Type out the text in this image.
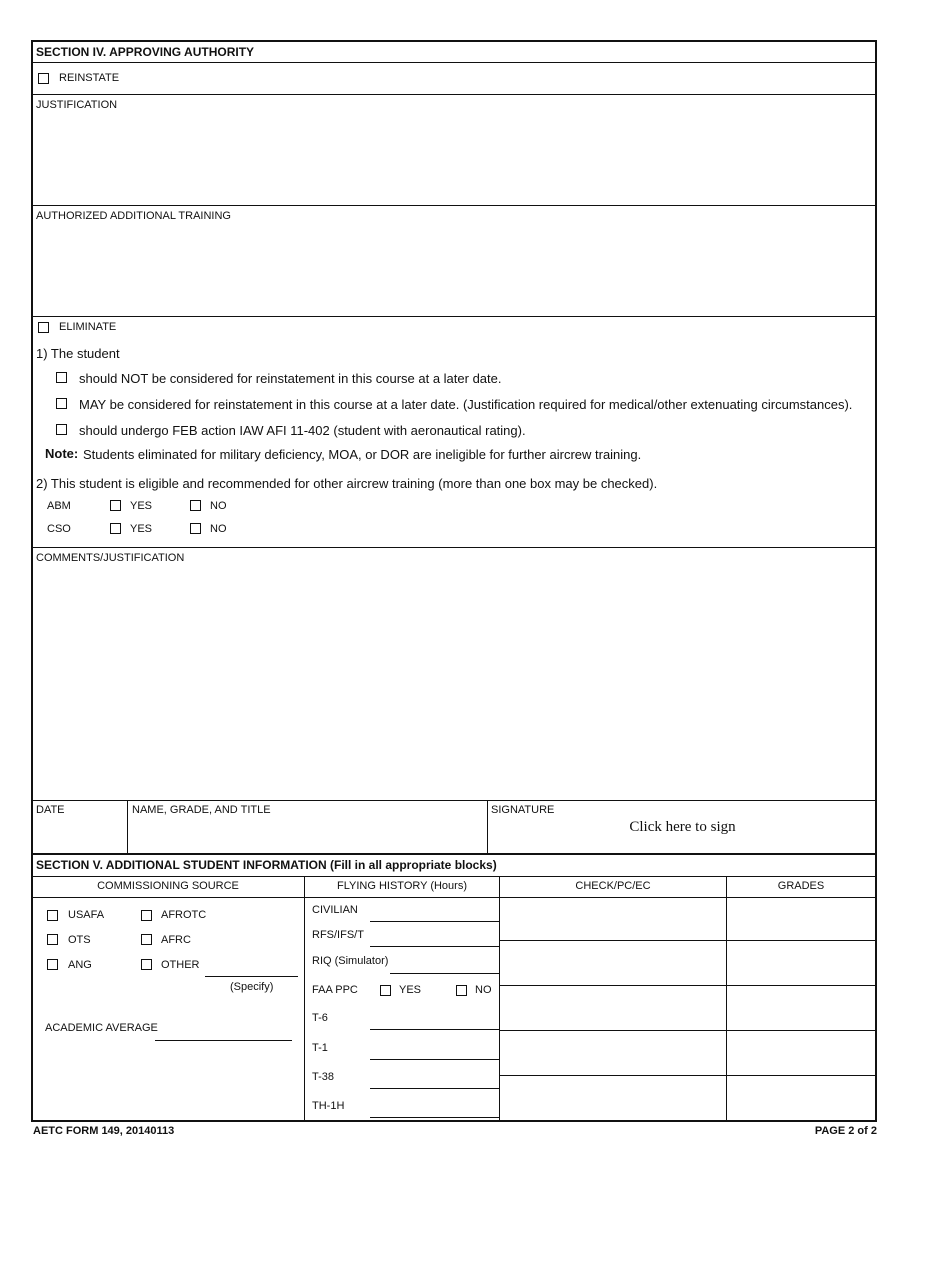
SECTION IV. APPROVING AUTHORITY
REINSTATE
JUSTIFICATION
AUTHORIZED ADDITIONAL TRAINING
ELIMINATE
1) The student
should NOT be considered for reinstatement in this course at a later date.
MAY be considered for reinstatement in this course at a later date. (Justification required for medical/other extenuating circumstances).
should undergo FEB action IAW AFI 11-402 (student with aeronautical rating).
Note: Students eliminated for military deficiency, MOA, or DOR are ineligible for further aircrew training.
2) This student is eligible and recommended for other aircrew training (more than one box may be checked).
ABM	YES	NO
CSO	YES	NO
COMMENTS/JUSTIFICATION
DATE	NAME, GRADE, AND TITLE	SIGNATURE
Click here to sign
SECTION V. ADDITIONAL STUDENT INFORMATION (Fill in all appropriate blocks)
COMMISSIONING SOURCE	FLYING HISTORY (Hours)	CHECK/PC/EC	GRADES
USAFA	AFROTC
OTS	AFRC
ANG	OTHER
(Specify)
ACADEMIC AVERAGE
CIVILIAN
RFS/IFS/T
RIQ (Simulator)
FAA PPC	YES	NO
T-6
T-1
T-38
TH-1H
AETC FORM 149, 20140113	PAGE 2 of 2
